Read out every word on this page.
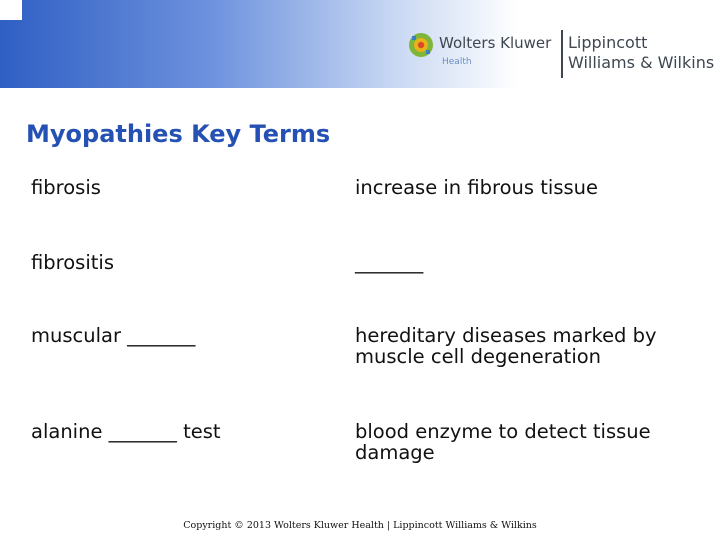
Wolters Kluwer
Health
Lippincott
Williams & Wilkins
Myopathies Key Terms

fibrosis	increase in fibrous tissue

fibrositis	_______

muscular _______	hereditary diseases marked by muscle cell degeneration

alanine _______ test	blood enzyme to detect tissue damage

Copyright © 2013 Wolters Kluwer Health | Lippincott Williams & Wilkins
